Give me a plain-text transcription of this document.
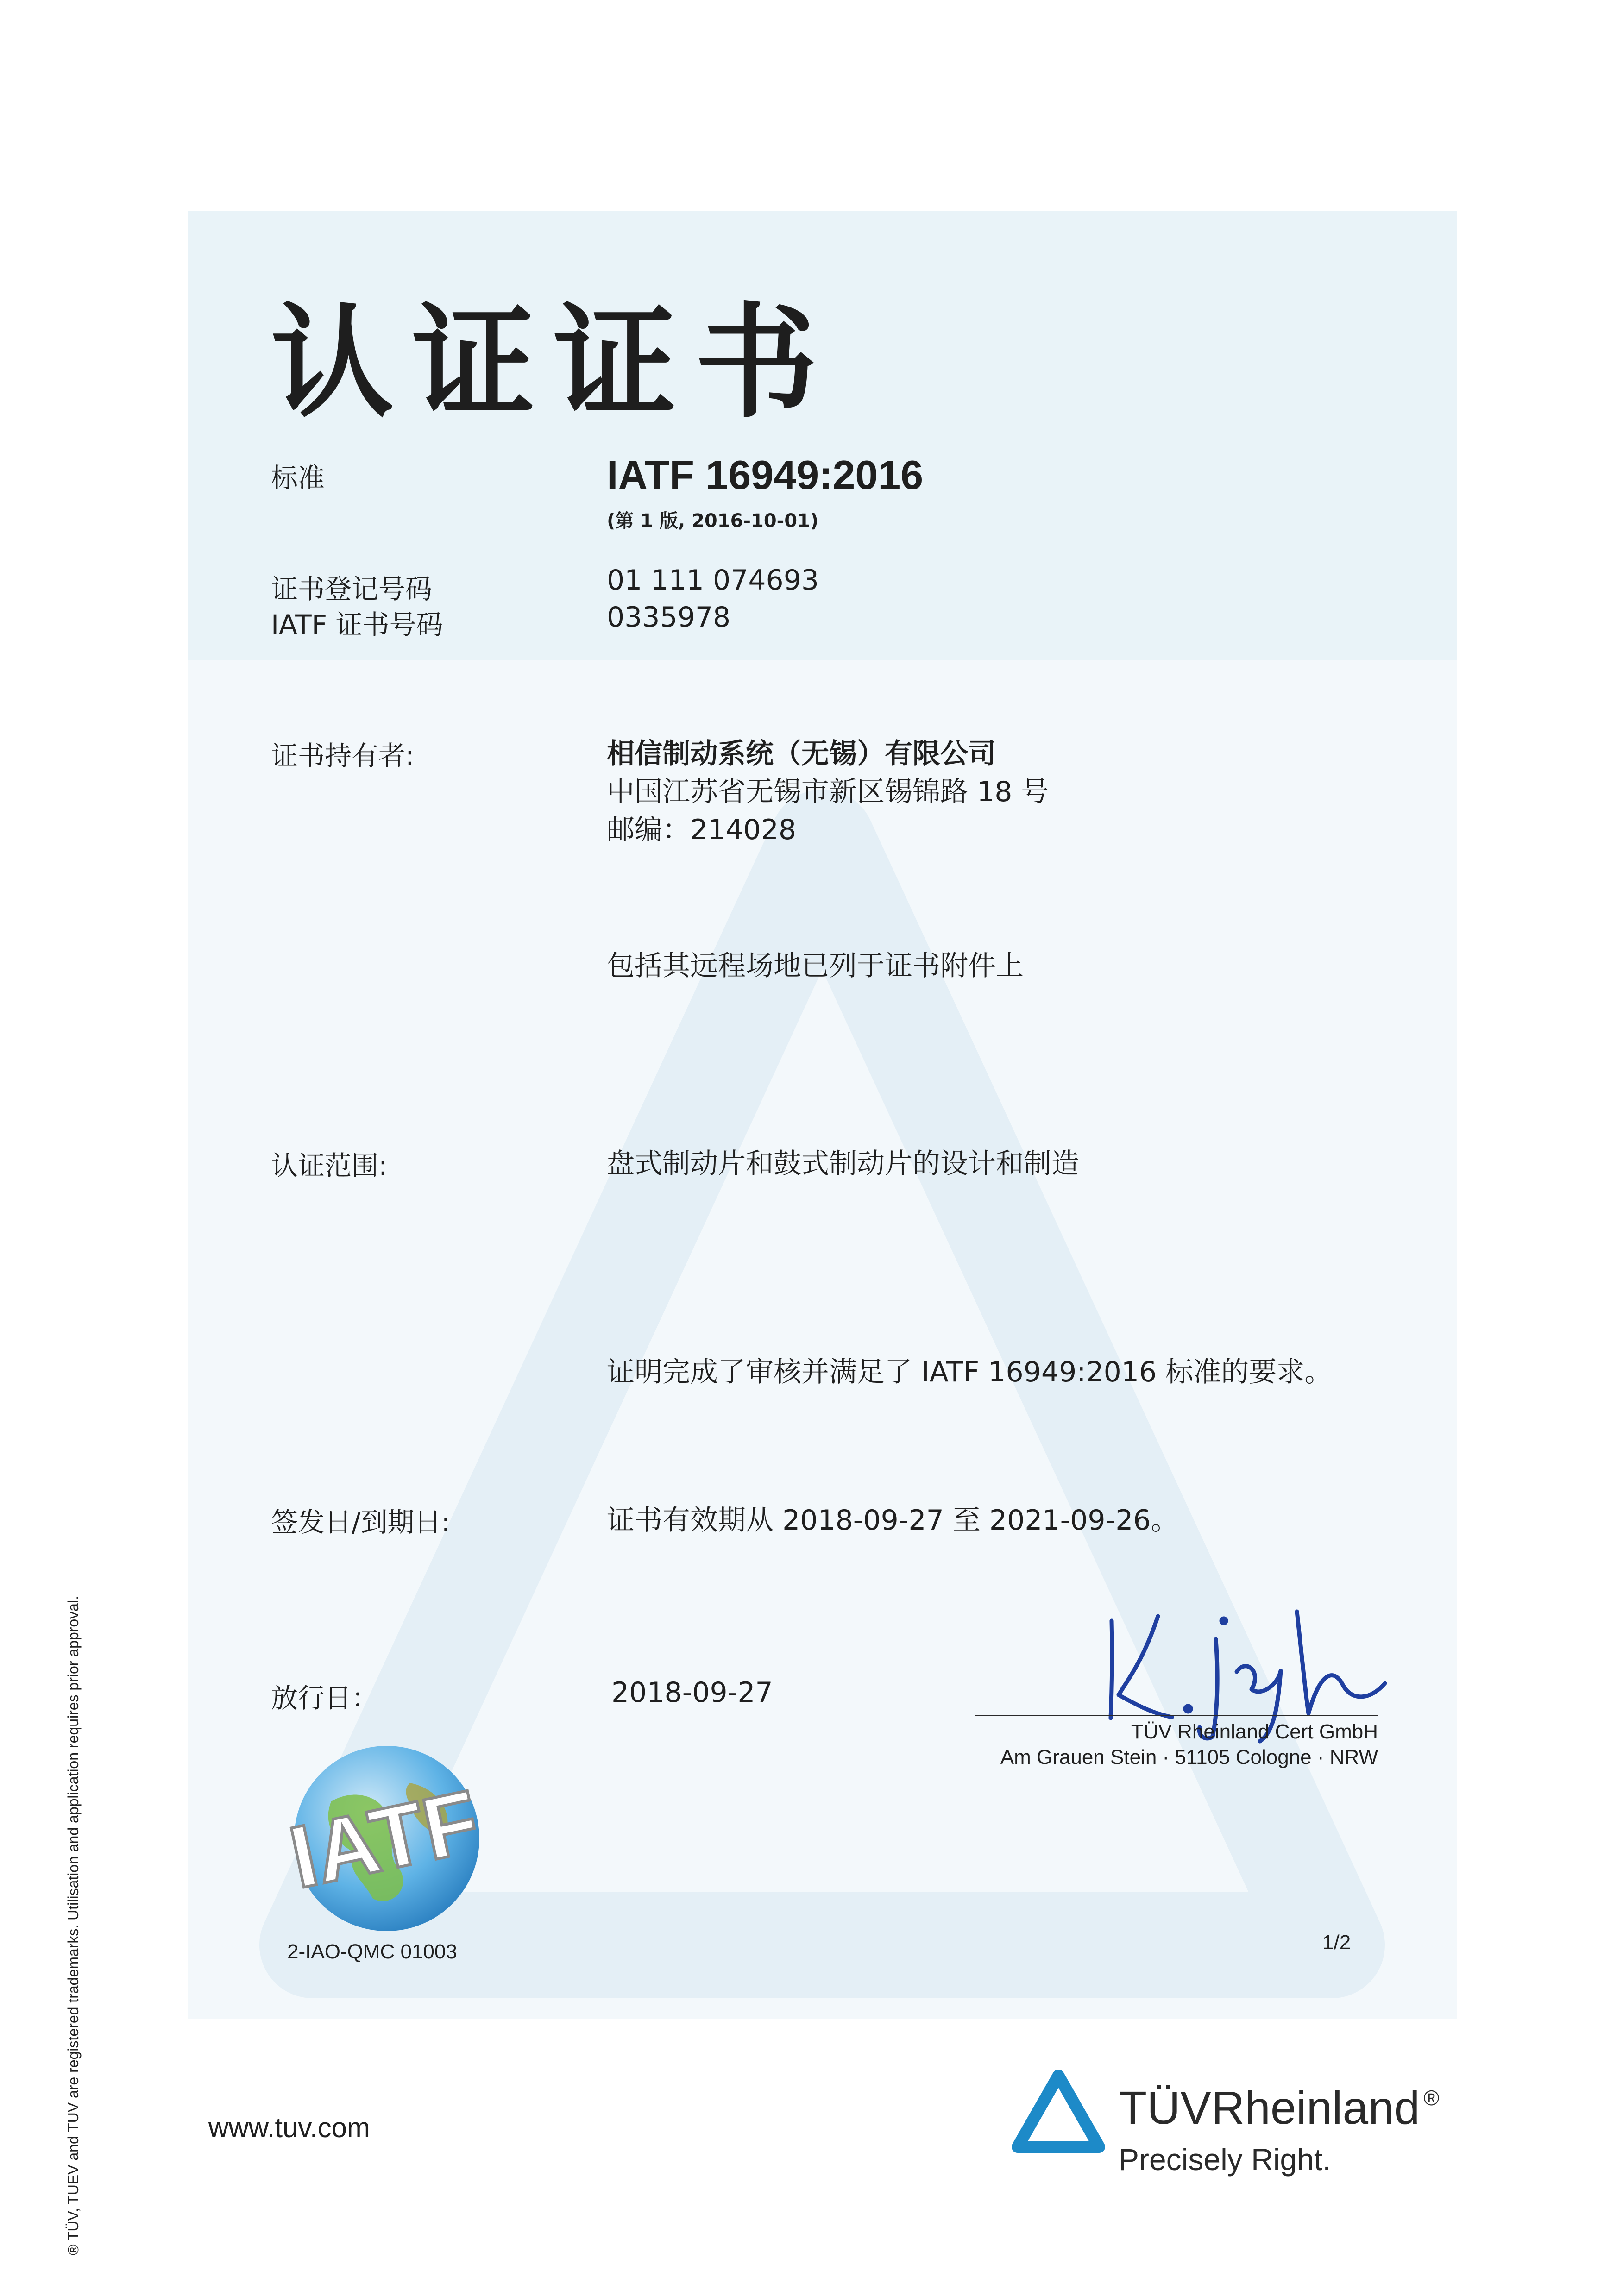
认证证书
标准	IATF 16949:2016
(第 1 版, 2016-10-01)
证书登记号码	01 111 074693
IATF 证书号码	0335978
证书持有者:	相信制动系统（无锡）有限公司
中国江苏省无锡市新区锡锦路 18 号
邮编：214028
包括其远程场地已列于证书附件上
认证范围:	盘式制动片和鼓式制动片的设计和制造
证明完成了审核并满足了 IATF 16949:2016 标准的要求。
签发日/到期日:	证书有效期从 2018-09-27 至 2021-09-26。
放行日：	2018-09-27
TÜV Rheinland Cert GmbH
Am Grauen Stein · 51105 Cologne · NRW
IATF
2-IAO-QMC 01003	1/2
www.tuv.com	TÜVRheinland ®
Precisely Right.
® TÜV, TUEV and TUV are registered trademarks. Utilisation and application requires prior approval.
